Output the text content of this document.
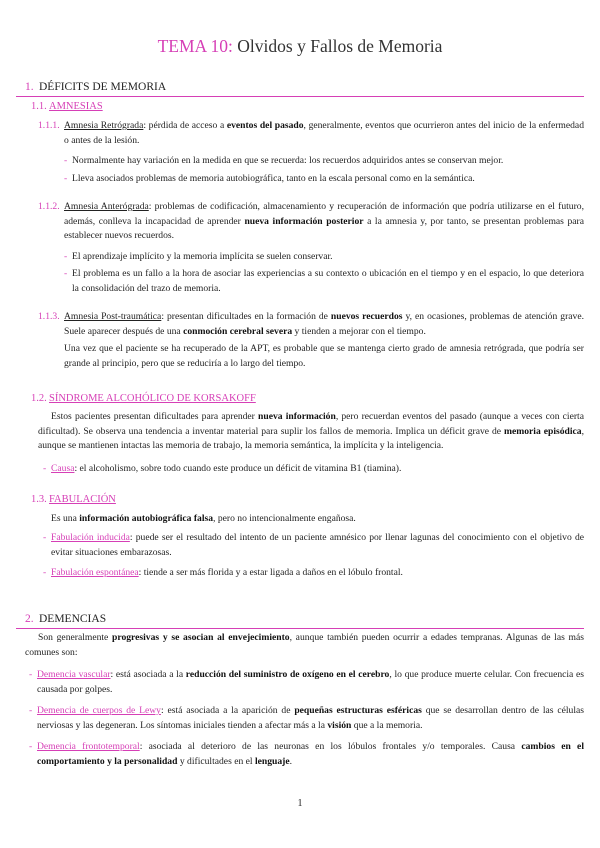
TEMA 10: Olvidos y Fallos de Memoria
1. DÉFICITS DE MEMORIA
1.1. AMNESIAS
1.1.1. Amnesia Retrógrada: pérdida de acceso a eventos del pasado, generalmente, eventos que ocurrieron antes del inicio de la enfermedad o antes de la lesión.
- Normalmente hay variación en la medida en que se recuerda: los recuerdos adquiridos antes se conservan mejor.
- Lleva asociados problemas de memoria autobiográfica, tanto en la escala personal como en la semántica.
1.1.2. Amnesia Anterógrada: problemas de codificación, almacenamiento y recuperación de información que podría utilizarse en el futuro, además, conlleva la incapacidad de aprender nueva información posterior a la amnesia y, por tanto, se presentan problemas para establecer nuevos recuerdos.
- El aprendizaje implícito y la memoria implícita se suelen conservar.
- El problema es un fallo a la hora de asociar las experiencias a su contexto o ubicación en el tiempo y en el espacio, lo que deteriora la consolidación del trazo de memoria.
1.1.3. Amnesia Post-traumática: presentan dificultades en la formación de nuevos recuerdos y, en ocasiones, problemas de atención grave. Suele aparecer después de una conmoción cerebral severa y tienden a mejorar con el tiempo.
Una vez que el paciente se ha recuperado de la APT, es probable que se mantenga cierto grado de amnesia retrógrada, que podría ser grande al principio, pero que se reduciría a lo largo del tiempo.
1.2. SÍNDROME ALCOHÓLICO DE KORSAKOFF
Estos pacientes presentan dificultades para aprender nueva información, pero recuerdan eventos del pasado (aunque a veces con cierta dificultad). Se observa una tendencia a inventar material para suplir los fallos de memoria. Implica un déficit grave de memoria episódica, aunque se mantienen intactas las memoria de trabajo, la memoria semántica, la implícita y la inteligencia.
- Causa: el alcoholismo, sobre todo cuando este produce un déficit de vitamina B1 (tiamina).
1.3. FABULACIÓN
Es una información autobiográfica falsa, pero no intencionalmente engañosa.
- Fabulación inducida: puede ser el resultado del intento de un paciente amnésico por llenar lagunas del conocimiento con el objetivo de evitar situaciones embarazosas.
- Fabulación espontánea: tiende a ser más florida y a estar ligada a daños en el lóbulo frontal.
2. DEMENCIAS
Son generalmente progresivas y se asocian al envejecimiento, aunque también pueden ocurrir a edades tempranas. Algunas de las más comunes son:
- Demencia vascular: está asociada a la reducción del suministro de oxígeno en el cerebro, lo que produce muerte celular. Con frecuencia es causada por golpes.
- Demencia de cuerpos de Lewy: está asociada a la aparición de pequeñas estructuras esféricas que se desarrollan dentro de las células nerviosas y las degeneran. Los síntomas iniciales tienden a afectar más a la visión que a la memoria.
- Demencia frontotemporal: asociada al deterioro de las neuronas en los lóbulos frontales y/o temporales. Causa cambios en el comportamiento y la personalidad y dificultades en el lenguaje.
1
